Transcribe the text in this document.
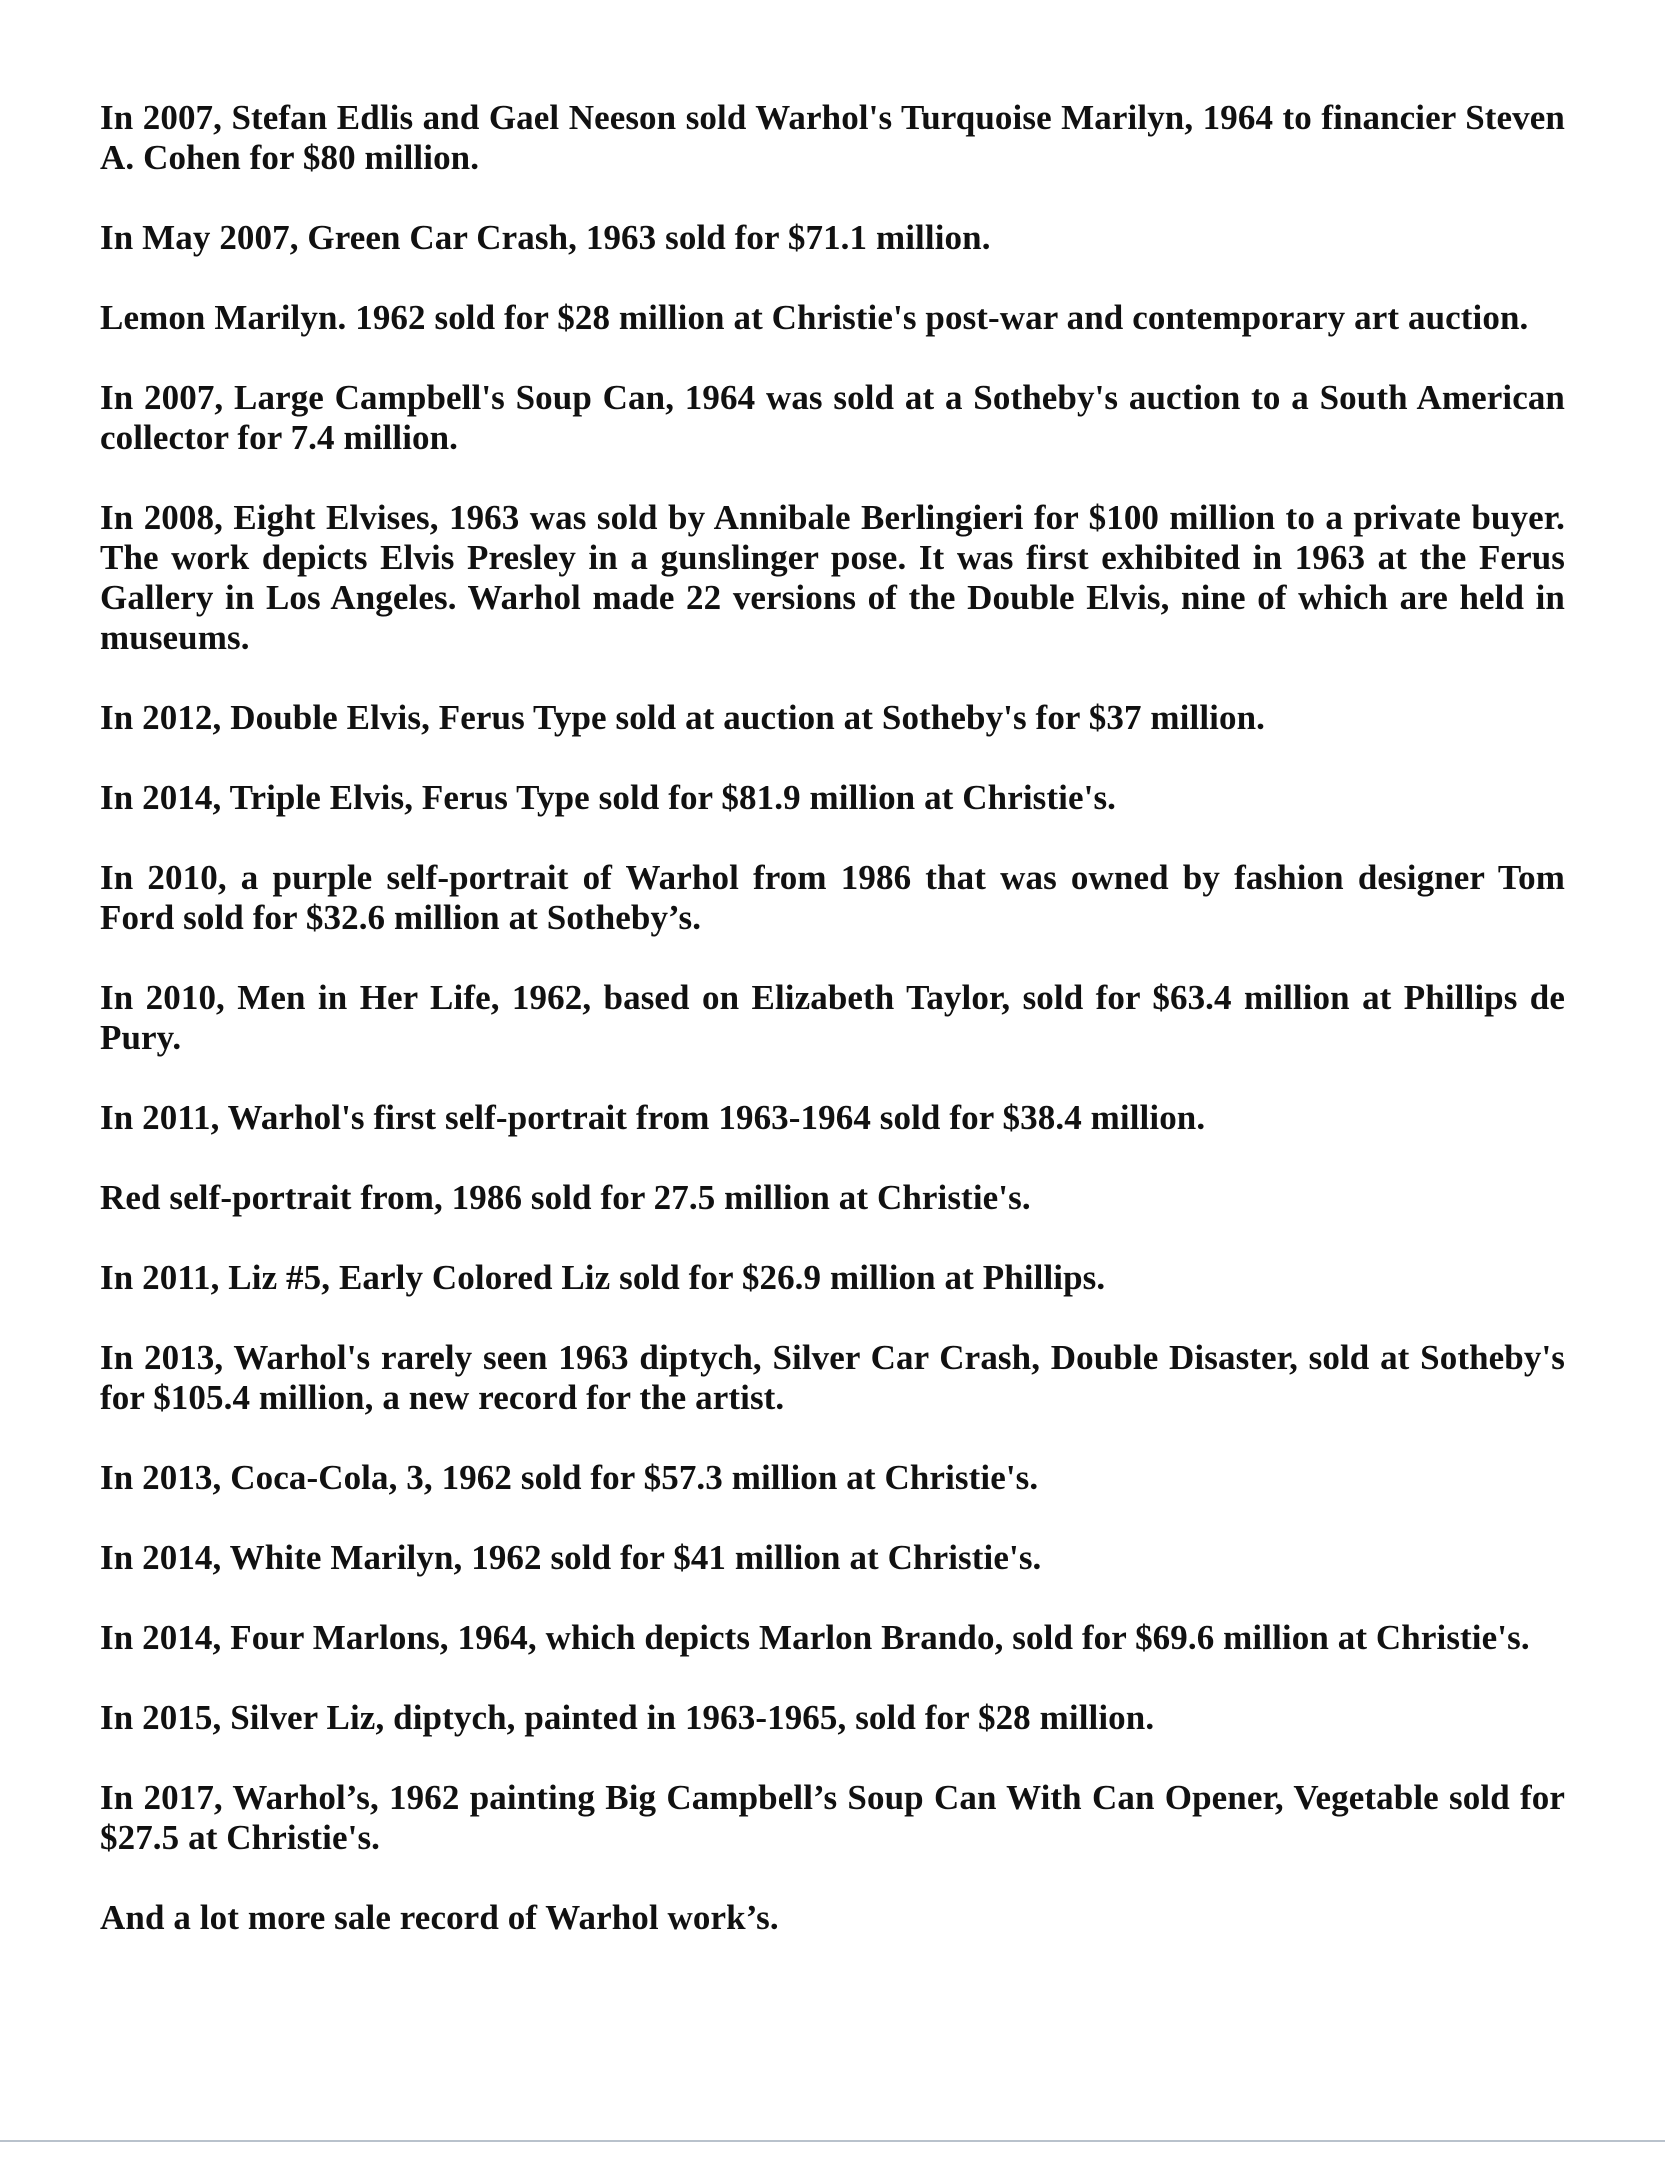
In 2007, Stefan Edlis and Gael Neeson sold Warhol's Turquoise Marilyn, 1964 to financier Steven A. Cohen for $80 million.

In May 2007, Green Car Crash, 1963 sold for $71.1 million.

Lemon Marilyn. 1962 sold for $28 million at Christie's post-war and contemporary art auction.

In 2007, Large Campbell's Soup Can, 1964 was sold at a Sotheby's auction to a South American collector for 7.4 million.

In 2008, Eight Elvises, 1963 was sold by Annibale Berlingieri for $100 million to a private buyer. The work depicts Elvis Presley in a gunslinger pose. It was first exhibited in 1963 at the Ferus Gallery in Los Angeles. Warhol made 22 versions of the Double Elvis, nine of which are held in museums.

In 2012, Double Elvis, Ferus Type sold at auction at Sotheby's for $37 million.

In 2014, Triple Elvis, Ferus Type sold for $81.9 million at Christie's.

In 2010, a purple self-portrait of Warhol from 1986 that was owned by fashion designer Tom Ford sold for $32.6 million at Sotheby’s.

In 2010, Men in Her Life, 1962, based on Elizabeth Taylor, sold for $63.4 million at Phillips de Pury.

In 2011, Warhol's first self-portrait from 1963-1964 sold for $38.4 million.

Red self-portrait from, 1986 sold for 27.5 million at Christie's.

In 2011, Liz #5, Early Colored Liz sold for $26.9 million at Phillips.

In 2013, Warhol's rarely seen 1963 diptych, Silver Car Crash, Double Disaster, sold at Sotheby's for $105.4 million, a new record for the artist.

In 2013, Coca-Cola, 3, 1962 sold for $57.3 million at Christie's.

In 2014, White Marilyn, 1962 sold for $41 million at Christie's.

In 2014, Four Marlons, 1964, which depicts Marlon Brando, sold for $69.6 million at Christie's.

In 2015, Silver Liz, diptych, painted in 1963-1965, sold for $28 million.

In 2017, Warhol’s, 1962 painting Big Campbell’s Soup Can With Can Opener, Vegetable sold for $27.5 at Christie's.

And a lot more sale record of Warhol work’s.
